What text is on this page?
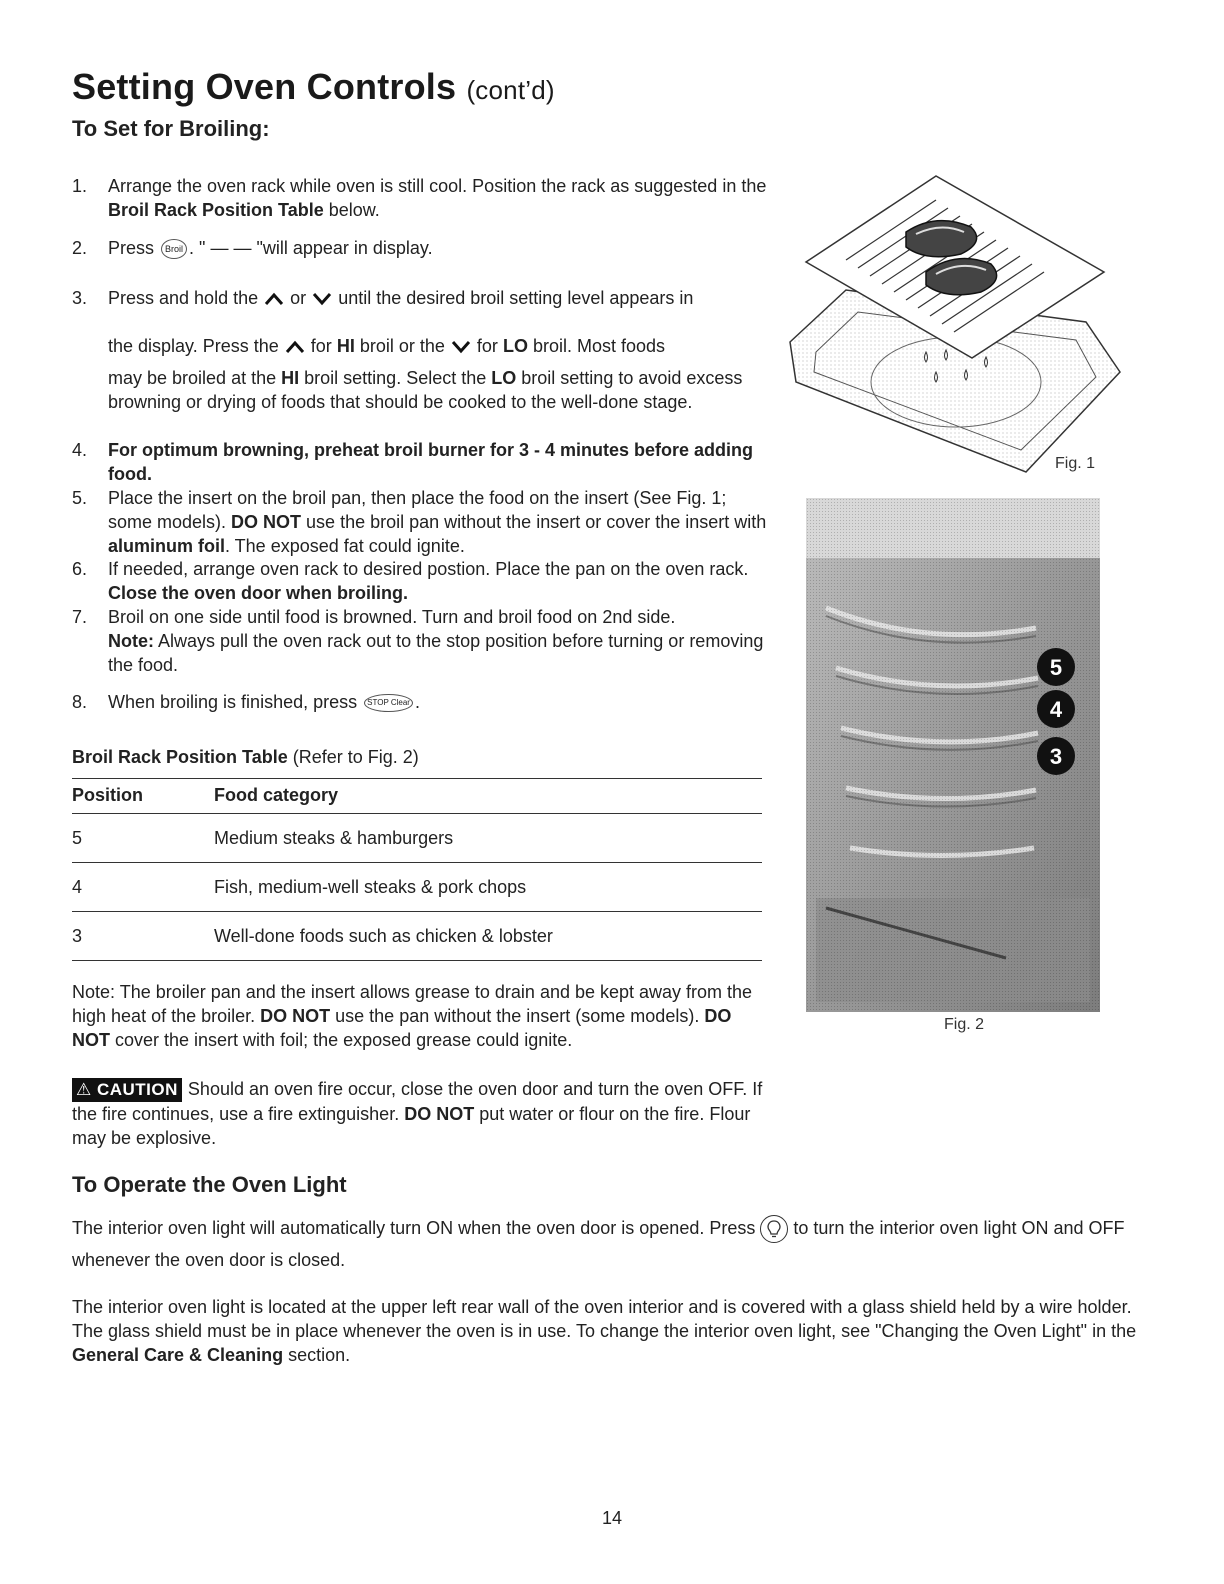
Setting Oven Controls (cont’d)
To Set for Broiling:
1.	Arrange the oven rack while oven is still cool. Position the rack as suggested in the Broil Rack Position Table below.
2.	Press Broil . " — — "will appear in display.
3.	Press and hold the or until the desired broil setting level appears in
the display. Press the for HI broil or the for LO broil. Most foods
may be broiled at the HI broil setting. Select the LO broil setting to avoid excess browning or drying of foods that should be cooked to the well-done stage.
4.	For optimum browning, preheat broil burner for 3 - 4 minutes before adding food.
5.	Place the insert on the broil pan, then place the food on the insert (See Fig. 1; some models). DO NOT use the broil pan without the insert or cover the insert with aluminum foil. The exposed fat could ignite.
6.	If needed, arrange oven rack to desired postion. Place the pan on the oven rack. Close the oven door when broiling.
7.	Broil on one side until food is browned. Turn and broil food on 2nd side.
Note: Always pull the oven rack out to the stop position before turning or removing the food.
8.	When broiling is finished, press STOP Clear .
Broil Rack Position Table (Refer to Fig. 2)
Position	Food category
5	Medium steaks & hamburgers
4	Fish, medium-well steaks & pork chops
3	Well-done foods such as chicken & lobster
Note: The broiler pan and the insert allows grease to drain and be kept away from the high heat of the broiler. DO NOT use the pan without the insert (some models). DO NOT cover the insert with foil; the exposed grease could ignite.
⚠ CAUTION Should an oven fire occur, close the oven door and turn the oven OFF. If the fire continues, use a fire extinguisher. DO NOT put water or flour on the fire. Flour may be explosive.
To Operate the Oven Light
The interior oven light will automatically turn ON when the oven door is opened. Press to turn the interior oven light ON and OFF whenever the oven door is closed.
The interior oven light is located at the upper left rear wall of the oven interior and is covered with a glass shield held by a wire holder. The glass shield must be in place whenever the oven is in use. To change the interior oven light, see "Changing the Oven Light" in the General Care & Cleaning section.
Fig. 1
5
4
3
Fig. 2
14
